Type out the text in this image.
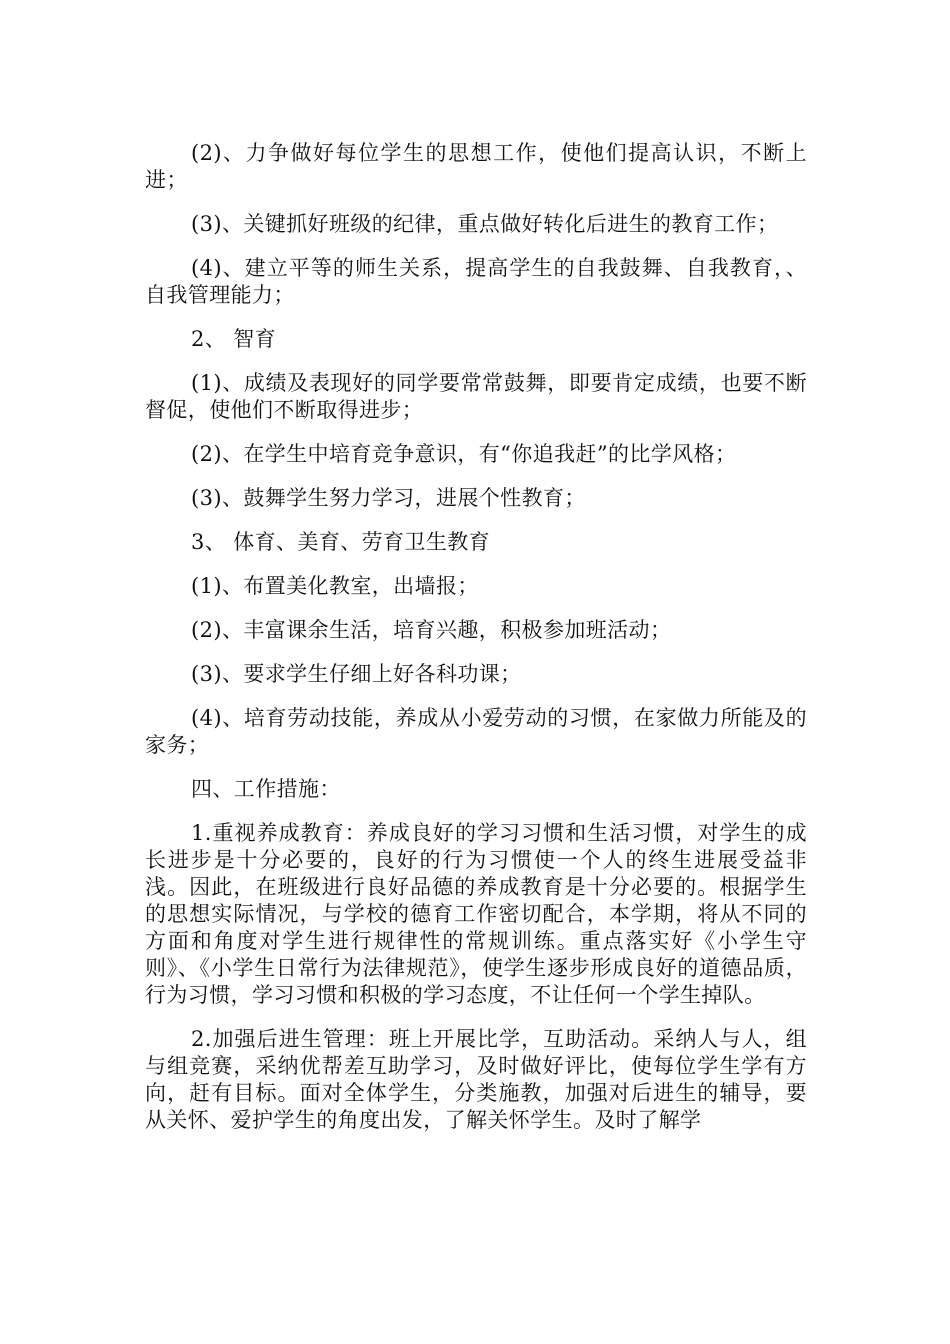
(2)、力争做好每位学生的思想工作，使他们提高认识，不断上进；

(3)、关键抓好班级的纪律，重点做好转化后进生的教育工作；

(4)、建立平等的师生关系，提高学生的自我鼓舞、自我教育，、自我管理能力；

2、 智育

(1)、成绩及表现好的同学要常常鼓舞，即要肯定成绩，也要不断督促，使他们不断取得进步；

(2)、在学生中培育竞争意识，有“你追我赶”的比学风格；

(3)、鼓舞学生努力学习，进展个性教育；

3、 体育、美育、劳育卫生教育

(1)、布置美化教室，出墙报；

(2)、丰富课余生活，培育兴趣，积极参加班活动；

(3)、要求学生仔细上好各科功课；

(4)、培育劳动技能，养成从小爱劳动的习惯，在家做力所能及的家务；

四、工作措施：

1.重视养成教育：养成良好的学习习惯和生活习惯，对学生的成长进步是十分必要的，良好的行为习惯使一个人的终生进展受益非浅。因此，在班级进行良好品德的养成教育是十分必要的。根据学生的思想实际情况，与学校的德育工作密切配合，本学期，将从不同的方面和角度对学生进行规律性的常规训练。重点落实好《小学生守则》、《小学生日常行为法律规范》，使学生逐步形成良好的道德品质，行为习惯，学习习惯和积极的学习态度，不让任何一个学生掉队。

2.加强后进生管理：班上开展比学，互助活动。采纳人与人，组与组竞赛，采纳优帮差互助学习，及时做好评比，使每位学生学有方向，赶有目标。面对全体学生，分类施教，加强对后进生的辅导，要从关怀、爱护学生的角度出发，了解关怀学生。及时了解学
